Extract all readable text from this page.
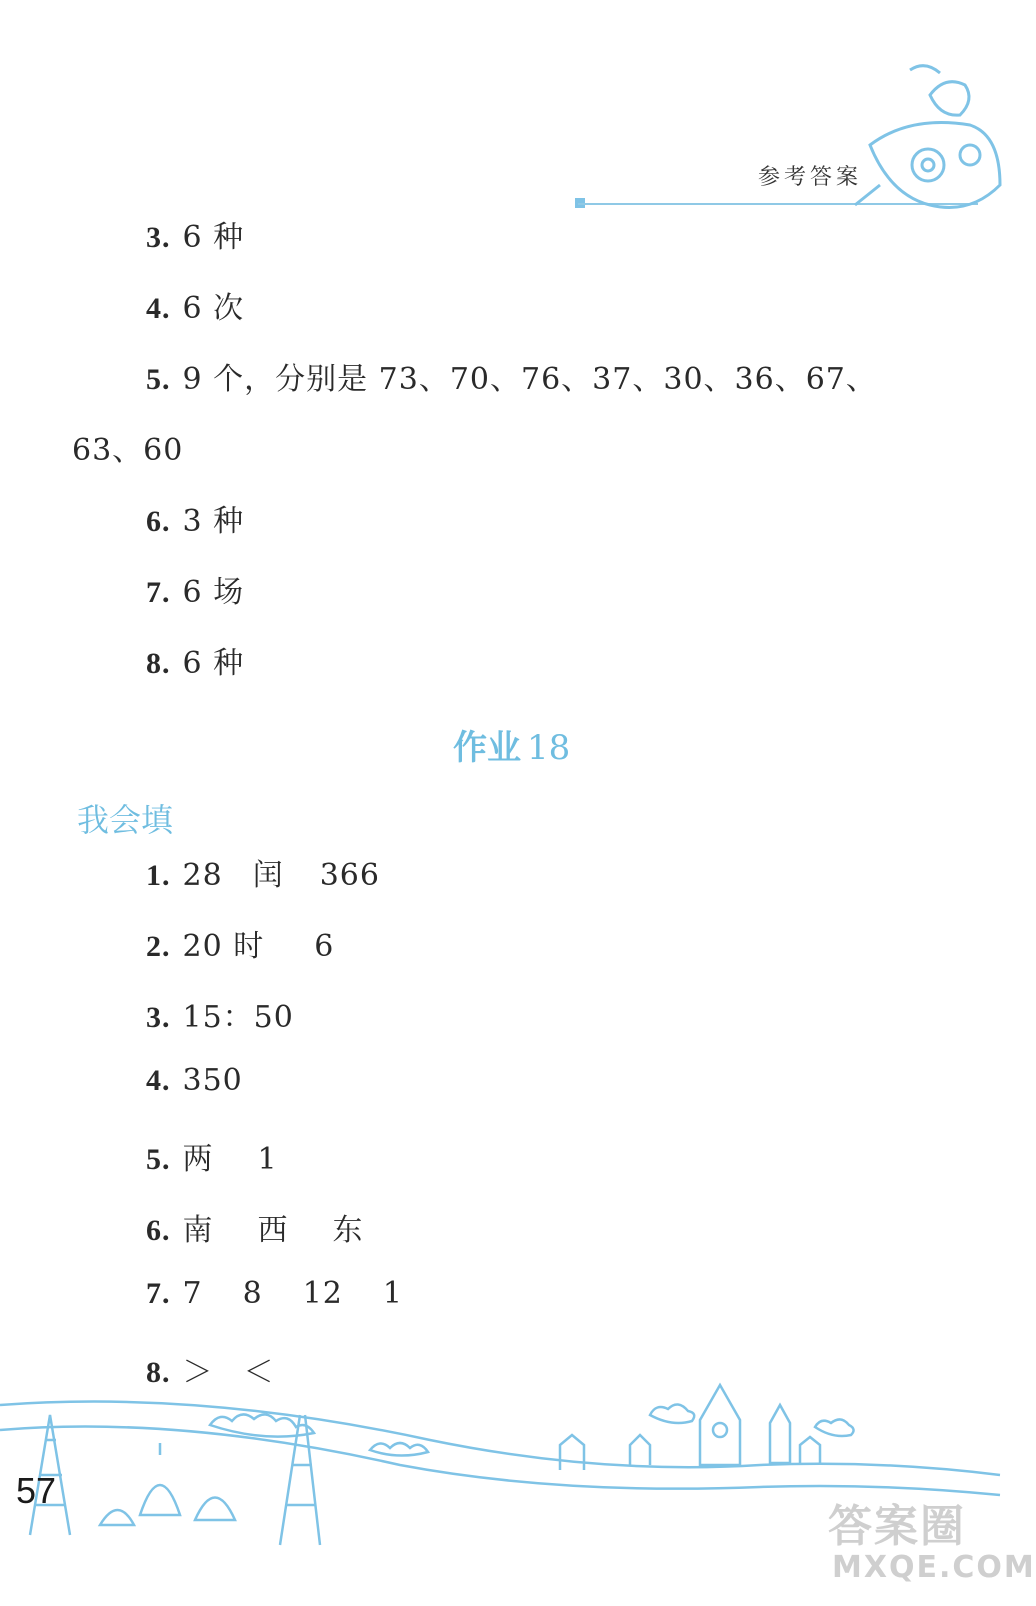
参考答案
3. 6 种
4. 6 次
5. 9 个，分别是 73、70、76、37、30、36、67、
63、60
6. 3 种
7. 6 场
8. 6 种
作业 18
我会填
1. 28 闰 366
2. 20 时 6
3. 15：50
4. 350
5. 两 1
6. 南 西 东
7. 7 8 12 1
8. ＞ ＜
57
答案圈
MXQE.COM
